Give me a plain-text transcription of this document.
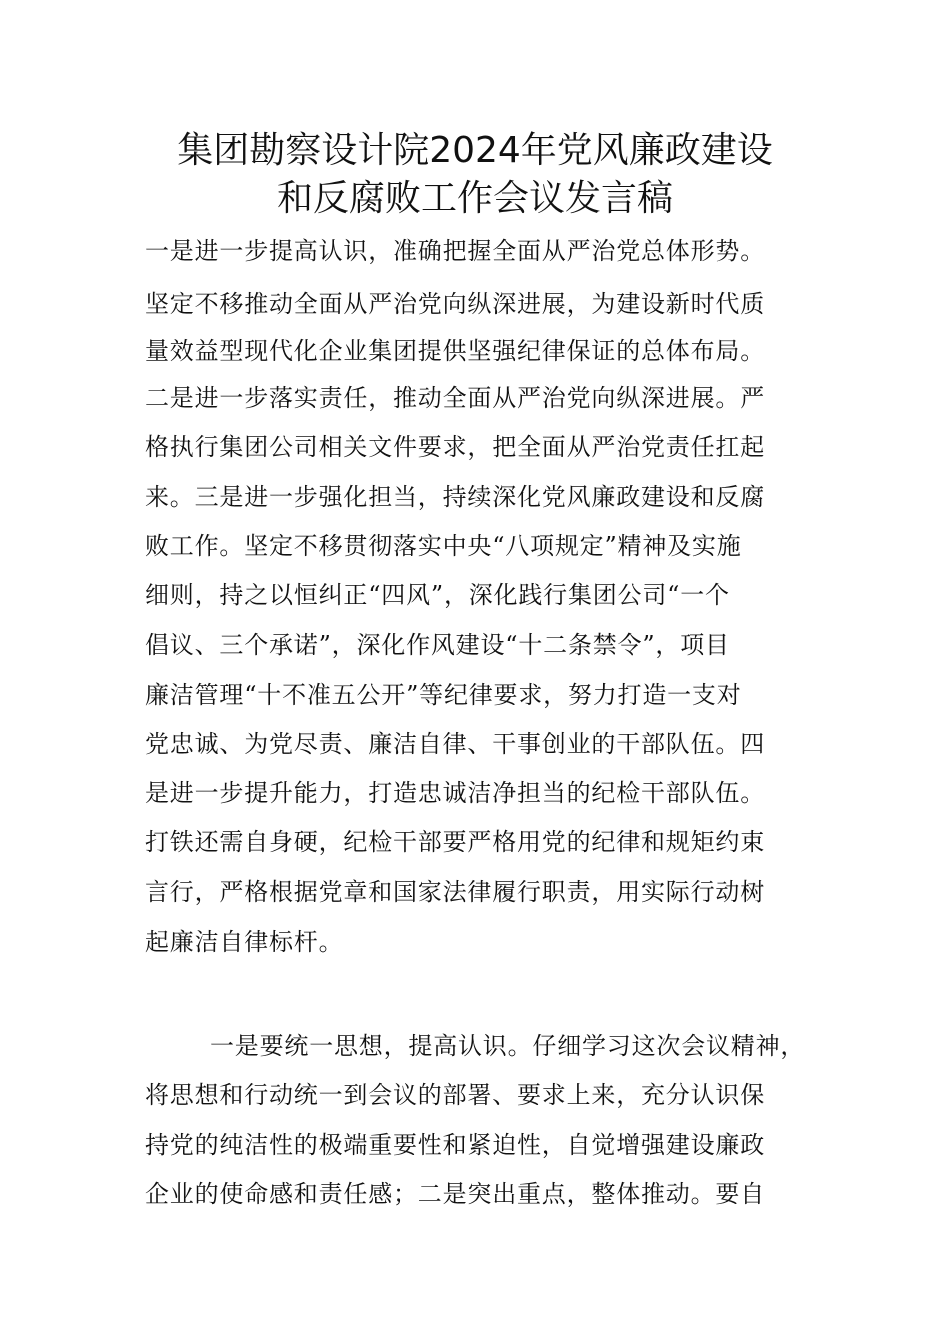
集团勘察设计院2024年党风廉政建设
和反腐败工作会议发言稿
一是进一步提高认识，准确把握全面从严治党总体形势。
坚定不移推动全面从严治党向纵深进展，为建设新时代质
量效益型现代化企业集团提供坚强纪律保证的总体布局。
二是进一步落实责任，推动全面从严治党向纵深进展。严
格执行集团公司相关文件要求，把全面从严治党责任扛起
来。三是进一步强化担当，持续深化党风廉政建设和反腐
败工作。坚定不移贯彻落实中央“八项规定”精神及实施
细则，持之以恒纠正“四风”，深化践行集团公司“一个
倡议、三个承诺”，深化作风建设“十二条禁令”，项目
廉洁管理“十不准五公开”等纪律要求，努力打造一支对
党忠诚、为党尽责、廉洁自律、干事创业的干部队伍。四
是进一步提升能力，打造忠诚洁净担当的纪检干部队伍。
打铁还需自身硬，纪检干部要严格用党的纪律和规矩约束
言行，严格根据党章和国家法律履行职责，用实际行动树
起廉洁自律标杆。
一是要统一思想，提高认识。仔细学习这次会议精神，
将思想和行动统一到会议的部署、要求上来，充分认识保
持党的纯洁性的极端重要性和紧迫性，自觉增强建设廉政
企业的使命感和责任感；二是突出重点，整体推动。要自
